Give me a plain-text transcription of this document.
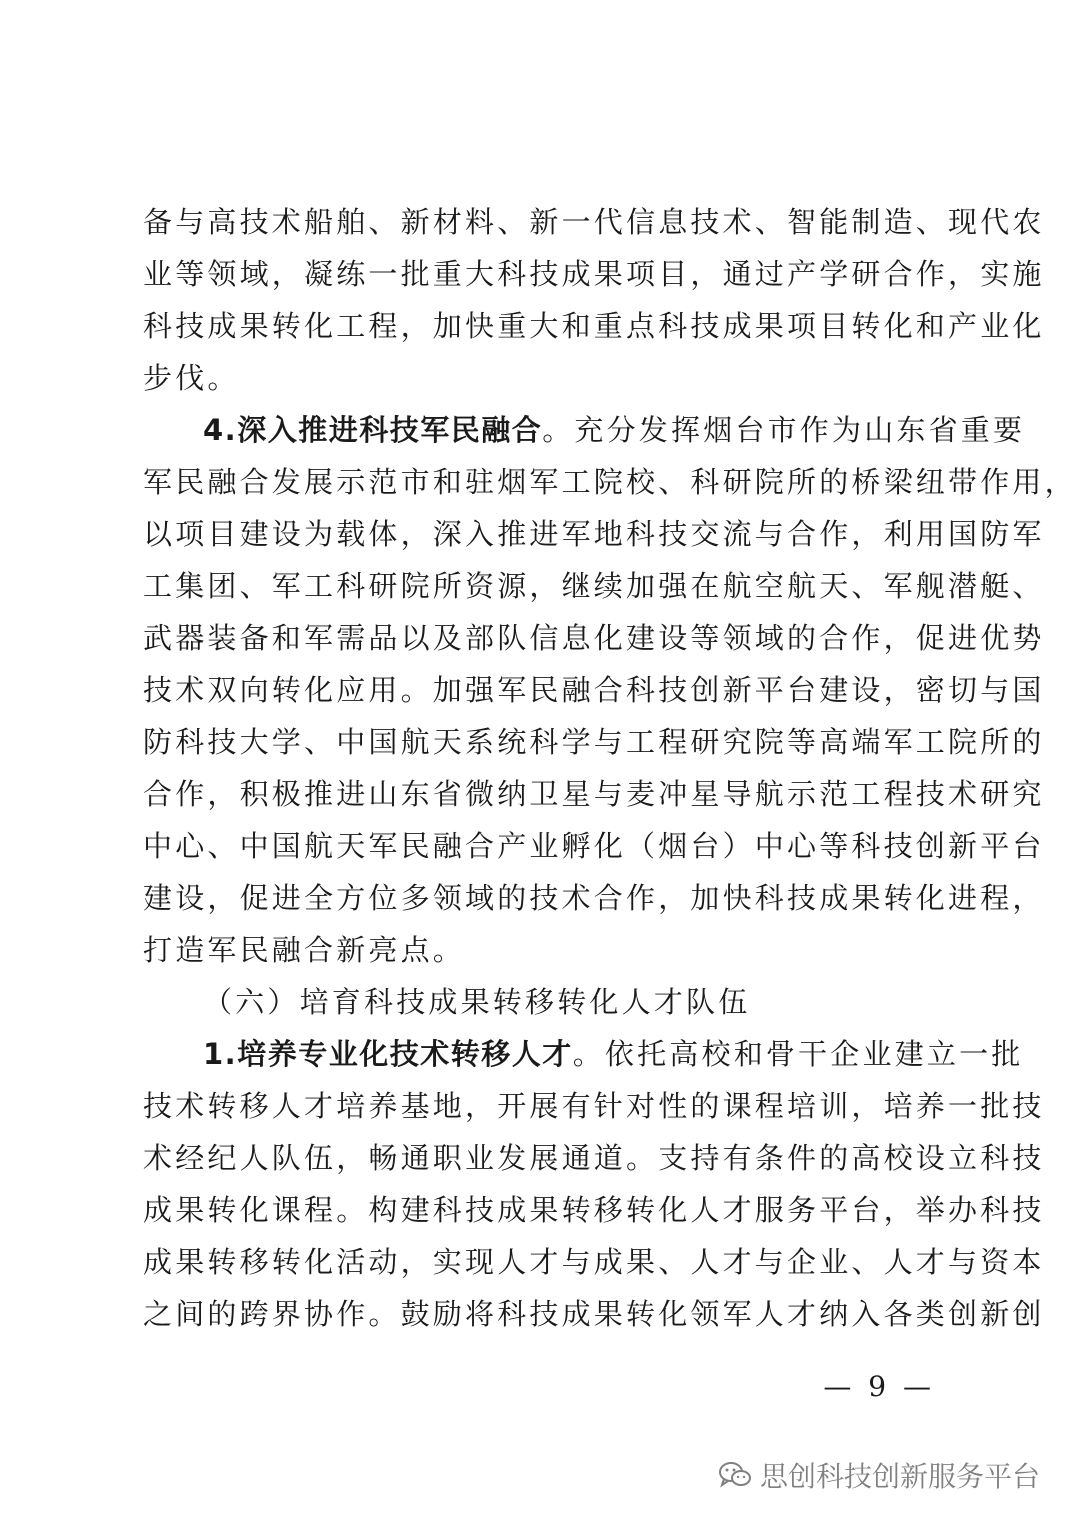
备与高技术船舶、新材料、新一代信息技术、智能制造、现代农
业等领域，凝练一批重大科技成果项目，通过产学研合作，实施
科技成果转化工程，加快重大和重点科技成果项目转化和产业化
步伐。
4.深入推进科技军民融合。充分发挥烟台市作为山东省重要
军民融合发展示范市和驻烟军工院校、科研院所的桥梁纽带作用，
以项目建设为载体，深入推进军地科技交流与合作，利用国防军
工集团、军工科研院所资源，继续加强在航空航天、军舰潜艇、
武器装备和军需品以及部队信息化建设等领域的合作，促进优势
技术双向转化应用。加强军民融合科技创新平台建设，密切与国
防科技大学、中国航天系统科学与工程研究院等高端军工院所的
合作，积极推进山东省微纳卫星与麦冲星导航示范工程技术研究
中心、中国航天军民融合产业孵化（烟台）中心等科技创新平台
建设，促进全方位多领域的技术合作，加快科技成果转化进程，
打造军民融合新亮点。
（六）培育科技成果转移转化人才队伍
1.培养专业化技术转移人才。依托高校和骨干企业建立一批
技术转移人才培养基地，开展有针对性的课程培训，培养一批技
术经纪人队伍，畅通职业发展通道。支持有条件的高校设立科技
成果转化课程。构建科技成果转移转化人才服务平台，举办科技
成果转移转化活动，实现人才与成果、人才与企业、人才与资本
之间的跨界协作。鼓励将科技成果转化领军人才纳入各类创新创
— 9 —
思创科技创新服务平台
